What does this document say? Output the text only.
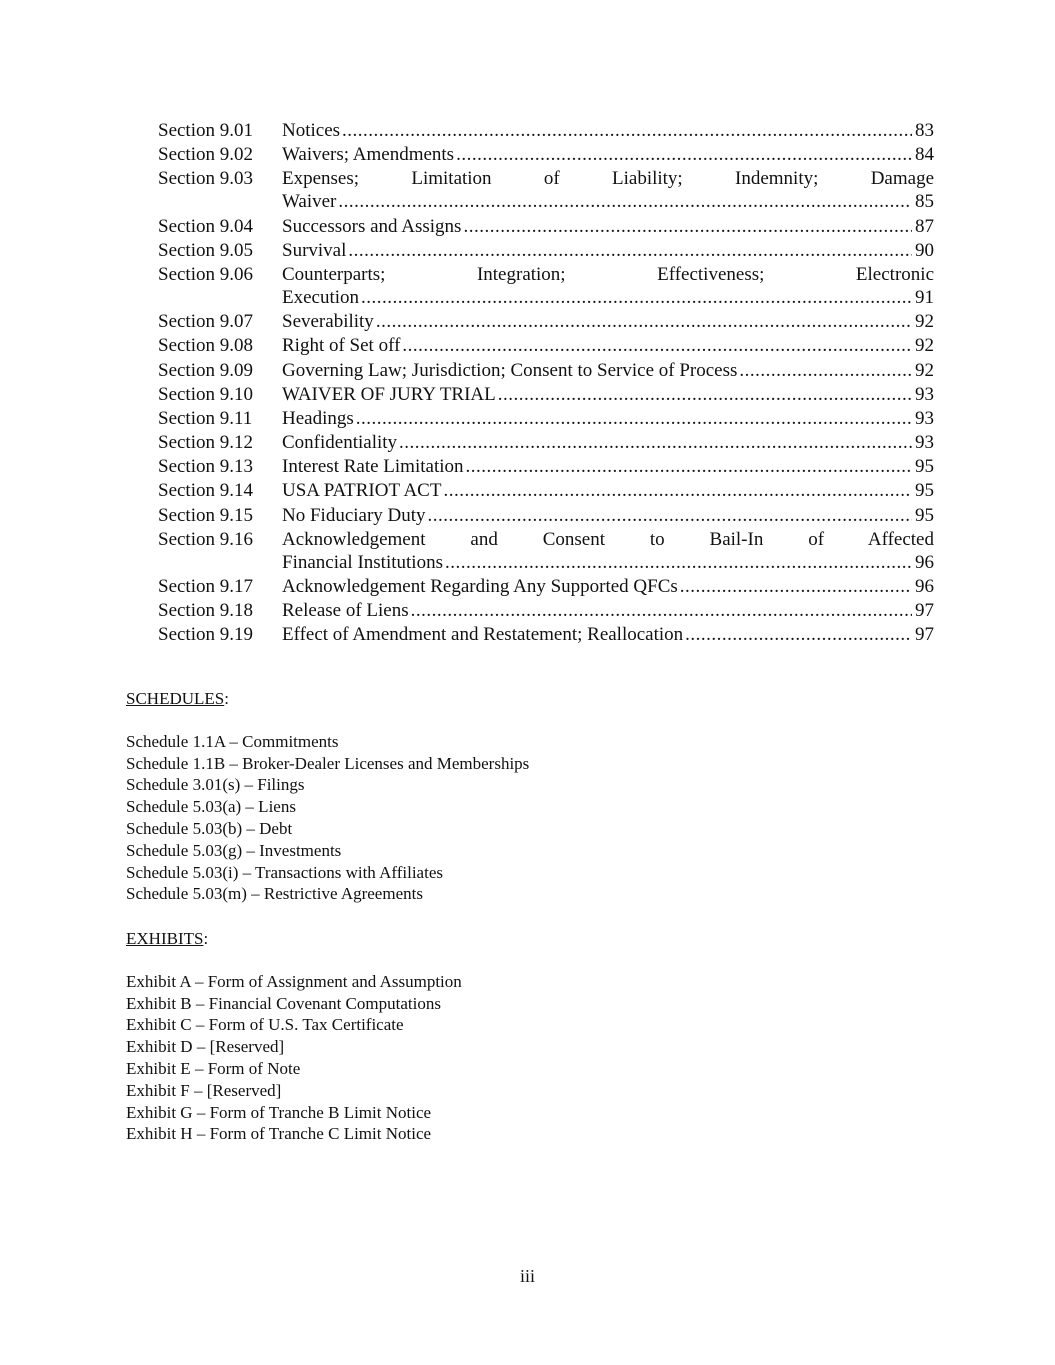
Section 9.01	Notices .....	83
Section 9.02	Waivers; Amendments .....	84
Section 9.03	Expenses; Limitation of Liability; Indemnity; Damage
Waiver .....	85
Section 9.04	Successors and Assigns .....	87
Section 9.05	Survival .....	90
Section 9.06	Counterparts; Integration; Effectiveness; Electronic
Execution .....	91
Section 9.07	Severability .....	92
Section 9.08	Right of Set off .....	92
Section 9.09	Governing Law; Jurisdiction; Consent to Service of Process .....	92
Section 9.10	WAIVER OF JURY TRIAL .....	93
Section 9.11	Headings .....	93
Section 9.12	Confidentiality .....	93
Section 9.13	Interest Rate Limitation .....	95
Section 9.14	USA PATRIOT ACT .....	95
Section 9.15	No Fiduciary Duty .....	95
Section 9.16	Acknowledgement and Consent to Bail-In of Affected
Financial Institutions .....	96
Section 9.17	Acknowledgement Regarding Any Supported QFCs .....	96
Section 9.18	Release of Liens .....	97
Section 9.19	Effect of Amendment and Restatement; Reallocation .....	97
SCHEDULES:
Schedule 1.1A – Commitments
Schedule 1.1B – Broker-Dealer Licenses and Memberships
Schedule 3.01(s) – Filings
Schedule 5.03(a) – Liens
Schedule 5.03(b) – Debt
Schedule 5.03(g) – Investments
Schedule 5.03(i) – Transactions with Affiliates
Schedule 5.03(m) – Restrictive Agreements
EXHIBITS:
Exhibit A – Form of Assignment and Assumption
Exhibit B – Financial Covenant Computations
Exhibit C – Form of U.S. Tax Certificate
Exhibit D – [Reserved]
Exhibit E – Form of Note
Exhibit F – [Reserved]
Exhibit G – Form of Tranche B Limit Notice
Exhibit H – Form of Tranche C Limit Notice
iii
